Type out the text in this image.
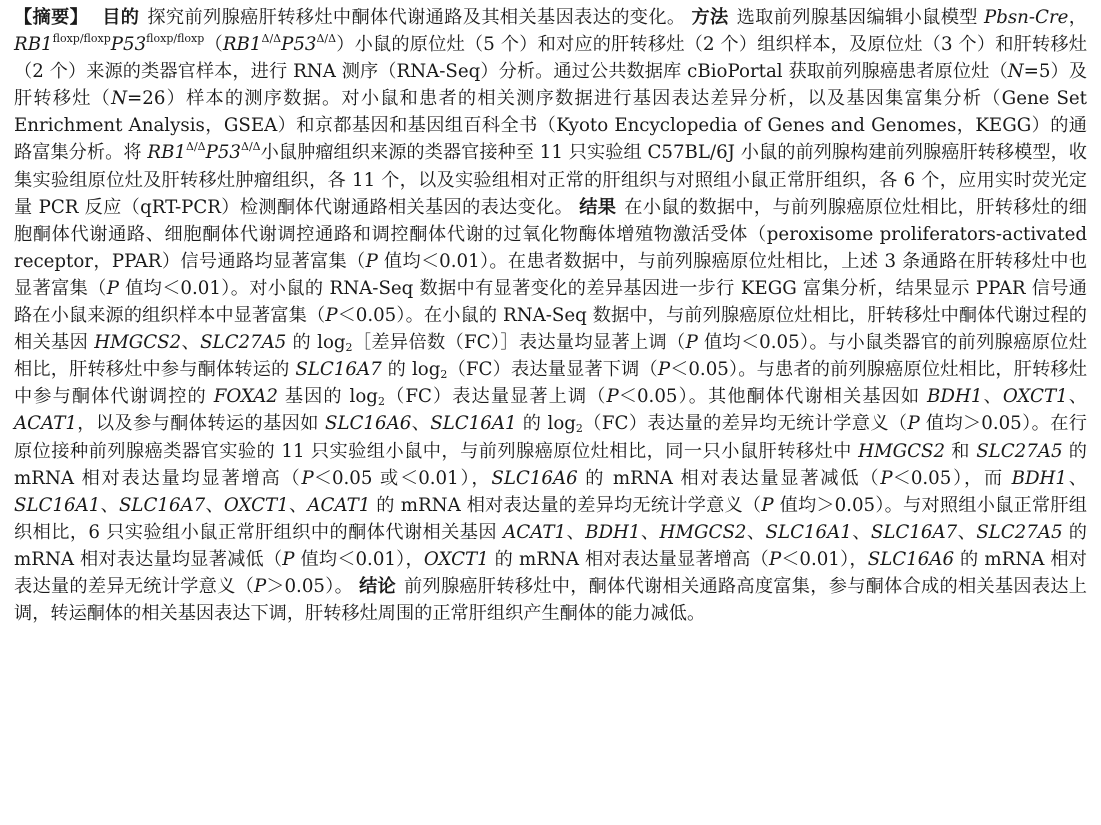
【摘要】 目的 探究前列腺癌肝转移灶中酮体代谢通路及其相关基因表达的变化。 方法 选取前列腺基因编辑小鼠模型 Pbsn-Cre，$RB1^{floxp/floxp}P53^{floxp/floxp}(RB1^{\Delta/\Delta}P53^{\Delta/\Delta})$小鼠的原位灶（5 个）和对应的肝转移灶（2 个）组织样本，及原位灶（3 个）和肝转移灶（2 个）来源的类器官样本，进行 RNA 测序（RNA-Seq）分析。通过公共数据库 cBioPortal 获取前列腺癌患者原位灶（N=5）及肝转移灶（N=26）样本的测序数据。对小鼠和患者的相关测序数据进行基因表达差异分析，以及基因集富集分析（Gene Set Enrichment Analysis，GSEA）和京都基因和基因组百科全书（Kyoto Encyclopedia of Genes and Genomes，KEGG）的通路富集分析。将 $RB1^{\Delta/\Delta}P53^{\Delta/\Delta}$小鼠肿瘤组织来源的类器官接种至 11 只实验组 C57BL/6J 小鼠的前列腺构建前列腺癌肝转移模型，收集实验组原位灶及肝转移灶肿瘤组织，各 11 个，以及实验组相对正常的肝组织与对照组小鼠正常肝组织，各 6 个，应用实时荧光定量 PCR 反应（qRT-PCR）检测酮体代谢通路相关基因的表达变化。 结果 在小鼠的数据中，与前列腺癌原位灶相比，肝转移灶的细胞酮体代谢通路、细胞酮体代谢调控通路和调控酮体代谢的过氧化物酶体增殖物激活受体（peroxisome proliferators-activated receptor，PPAR）信号通路均显著富集（P 值均＜0.01）。在患者数据中，与前列腺癌原位灶相比，上述 3 条通路在肝转移灶中也显著富集（P 值均＜0.01）。对小鼠的 RNA-Seq 数据中有显著变化的差异基因进一步行 KEGG 富集分析，结果显示 PPAR 信号通路在小鼠来源的组织样本中显著富集（P＜0.05）。在小鼠的 RNA-Seq 数据中，与前列腺癌原位灶相比，肝转移灶中酮体代谢过程的相关基因 HMGCS2、SLC27A5 的 $\log_2[$差异倍数（FC）］表达量均显著上调（P 值均＜0.05）。与小鼠类器官的前列腺癌原位灶相比，肝转移灶中参与酮体转运的 SLC16A7 的 $\log_2(FC)$表达量显著下调（P＜0.05）。与患者的前列腺癌原位灶相比，肝转移灶中参与酮体代谢调控的 FOXA2 基因的 $\log_2(FC)$表达量显著上调（P＜0.05）。其他酮体代谢相关基因如 BDH1、OXCT1、ACAT1，以及参与酮体转运的基因如 SLC16A6、SLC16A1 的 $\log_2(FC)$表达量的差异均无统计学意义（P 值均＞0.05）。在行原位接种前列腺癌类器官实验的 11 只实验组小鼠中，与前列腺癌原位灶相比，同一只小鼠肝转移灶中 HMGCS2 和 SLC27A5 的 mRNA 相对表达量均显著增高（P＜0.05 或＜0.01），SLC16A6 的 mRNA 相对表达量显著减低（P＜0.05），而 BDH1、SLC16A1、SLC16A7、OXCT1、ACAT1 的 mRNA 相对表达量的差异均无统计学意义（P 值均＞0.05）。与对照组小鼠正常肝组织相比，6 只实验组小鼠正常肝组织中的酮体代谢相关基因 ACAT1、BDH1、HMGCS2、SLC16A1、SLC16A7、SLC27A5 的 mRNA 相对表达量均显著减低（P 值均＜0.01），OXCT1 的 mRNA 相对表达量显著增高（P＜0.01），SLC16A6 的 mRNA 相对表达量的差异无统计学意义（P＞0.05）。 结论 前列腺癌肝转移灶中，酮体代谢相关通路高度富集，参与酮体合成的相关基因表达上调，转运酮体的相关基因表达下调，肝转移灶周围的正常肝组织产生酮体的能力减低。
